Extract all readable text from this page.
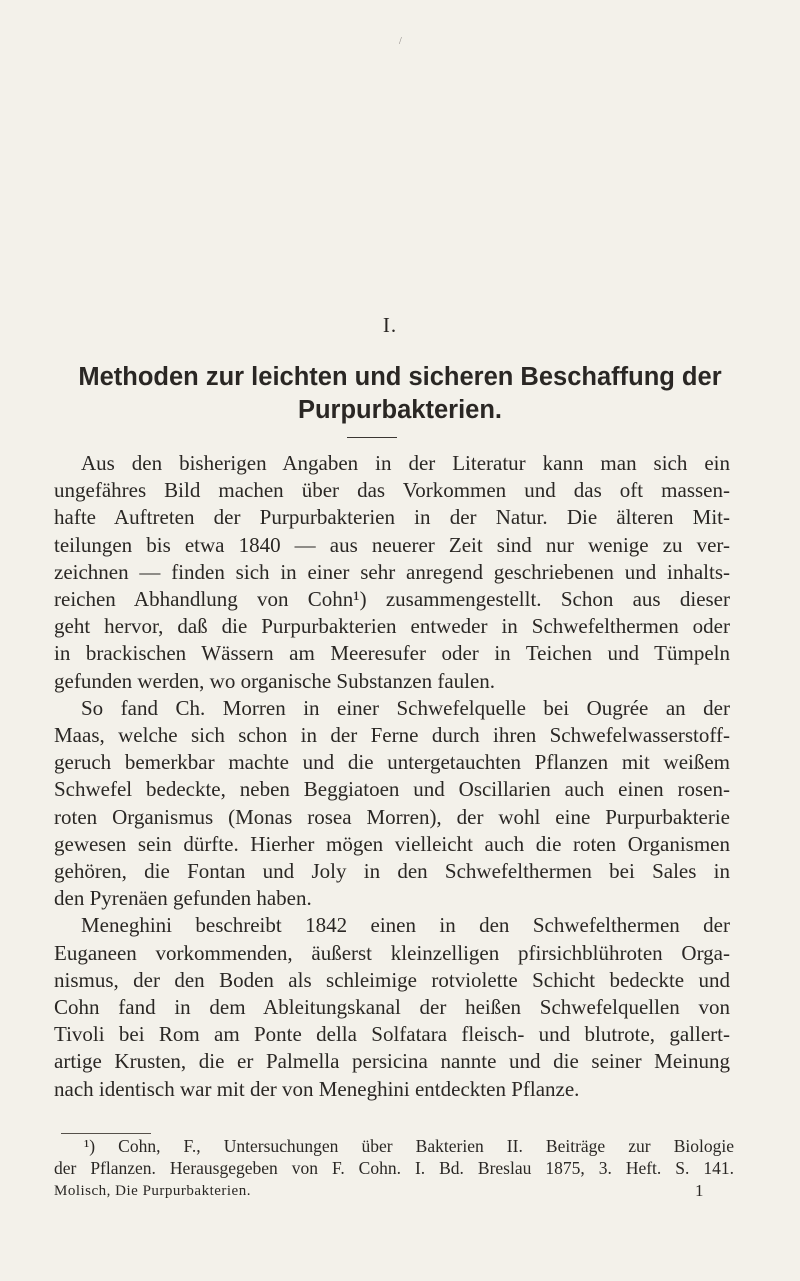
/
I.
Methoden zur leichten und sicheren Beschaffung der
Purpurbakterien.
Aus den bisherigen Angaben in der Literatur kann man sich ein
ungefähres Bild machen über das Vorkommen und das oft massen-
hafte Auftreten der Purpurbakterien in der Natur. Die älteren Mit-
teilungen bis etwa 1840 — aus neuerer Zeit sind nur wenige zu ver-
zeichnen — finden sich in einer sehr anregend geschriebenen und inhalts-
reichen Abhandlung von Cohn¹) zusammengestellt. Schon aus dieser
geht hervor, daß die Purpurbakterien entweder in Schwefelthermen oder
in brackischen Wässern am Meeresufer oder in Teichen und Tümpeln
gefunden werden, wo organische Substanzen faulen.
So fand Ch. Morren in einer Schwefelquelle bei Ougrée an der
Maas, welche sich schon in der Ferne durch ihren Schwefelwasserstoff-
geruch bemerkbar machte und die untergetauchten Pflanzen mit weißem
Schwefel bedeckte, neben Beggiatoen und Oscillarien auch einen rosen-
roten Organismus (Monas rosea Morren), der wohl eine Purpurbakterie
gewesen sein dürfte. Hierher mögen vielleicht auch die roten Organismen
gehören, die Fontan und Joly in den Schwefelthermen bei Sales in
den Pyrenäen gefunden haben.
Meneghini beschreibt 1842 einen in den Schwefelthermen der
Euganeen vorkommenden, äußerst kleinzelligen pfirsichblühroten Orga-
nismus, der den Boden als schleimige rotviolette Schicht bedeckte und
Cohn fand in dem Ableitungskanal der heißen Schwefelquellen von
Tivoli bei Rom am Ponte della Solfatara fleisch- und blutrote, gallert-
artige Krusten, die er Palmella persicina nannte und die seiner Meinung
nach identisch war mit der von Meneghini entdeckten Pflanze.
¹) Cohn, F., Untersuchungen über Bakterien II. Beiträge zur Biologie
der Pflanzen. Herausgegeben von F. Cohn. I. Bd. Breslau 1875, 3. Heft. S. 141.
Molisch, Die Purpurbakterien.	1
